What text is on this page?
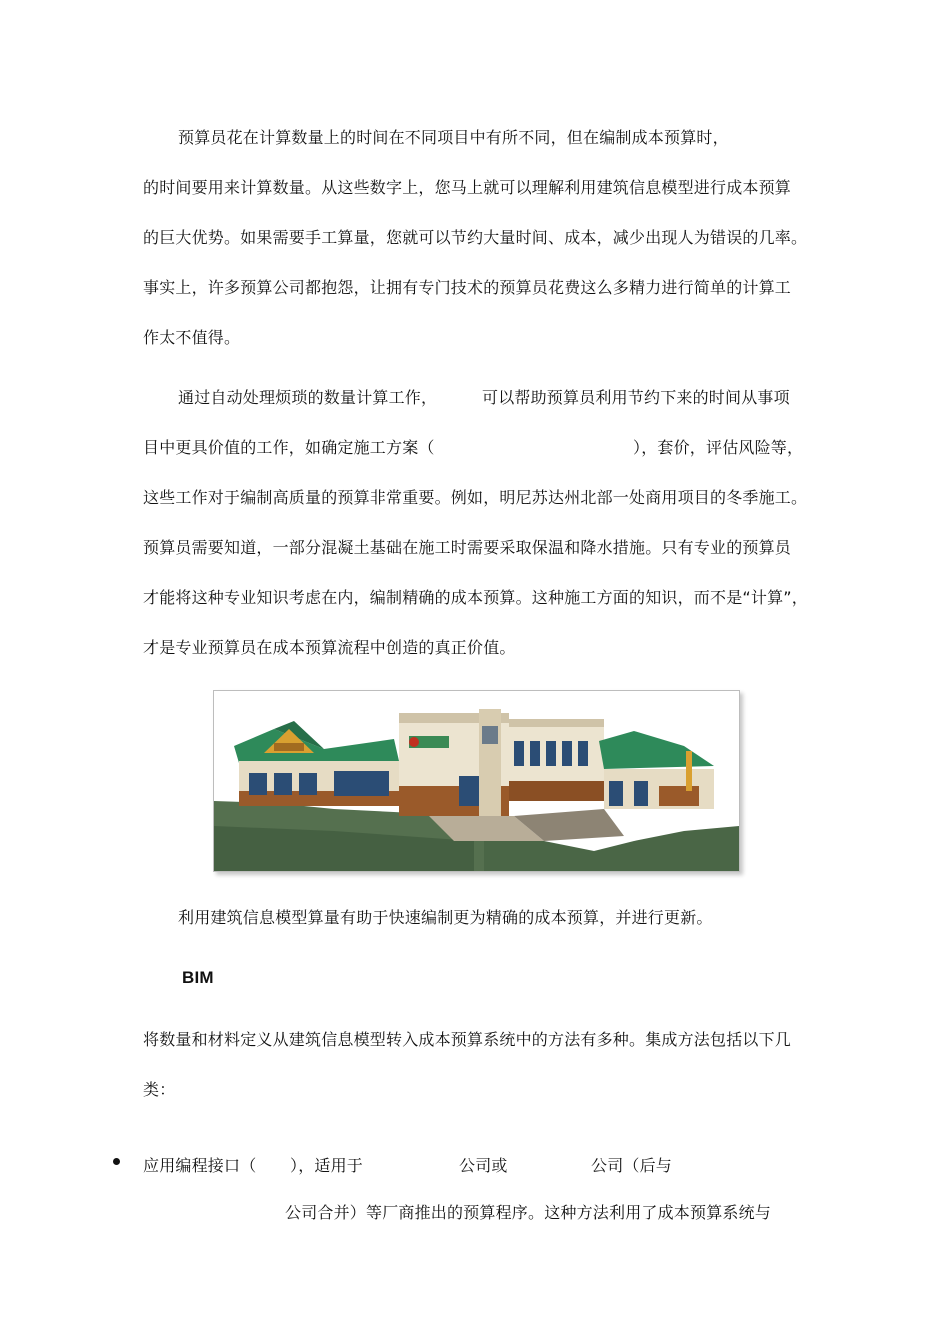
预算员花在计算数量上的时间在不同项目中有所不同，但在编制成本预算时，
的时间要用来计算数量。从这些数字上，您马上就可以理解利用建筑信息模型进行成本预算
的巨大优势。如果需要手工算量，您就可以节约大量时间、成本，减少出现人为错误的几率。
事实上，许多预算公司都抱怨，让拥有专门技术的预算员花费这么多精力进行简单的计算工
作太不值得。
通过自动处理烦琐的数量计算工作，	可以帮助预算员利用节约下来的时间从事项
目中更具价值的工作，如确定施工方案（	），套价，评估风险等，
这些工作对于编制高质量的预算非常重要。例如，明尼苏达州北部一处商用项目的冬季施工。
预算员需要知道，一部分混凝土基础在施工时需要采取保温和降水措施。只有专业的预算员
才能将这种专业知识考虑在内，编制精确的成本预算。这种施工方面的知识，而不是“计算”，
才是专业预算员在成本预算流程中创造的真正价值。
利用建筑信息模型算量有助于快速编制更为精确的成本预算，并进行更新。
BIM
将数量和材料定义从建筑信息模型转入成本预算系统中的方法有多种。集成方法包括以下几
类：
应用编程接口（ ），适用于	公司或	公司（后与
公司合并）等厂商推出的预算程序。这种方法利用了成本预算系统与
